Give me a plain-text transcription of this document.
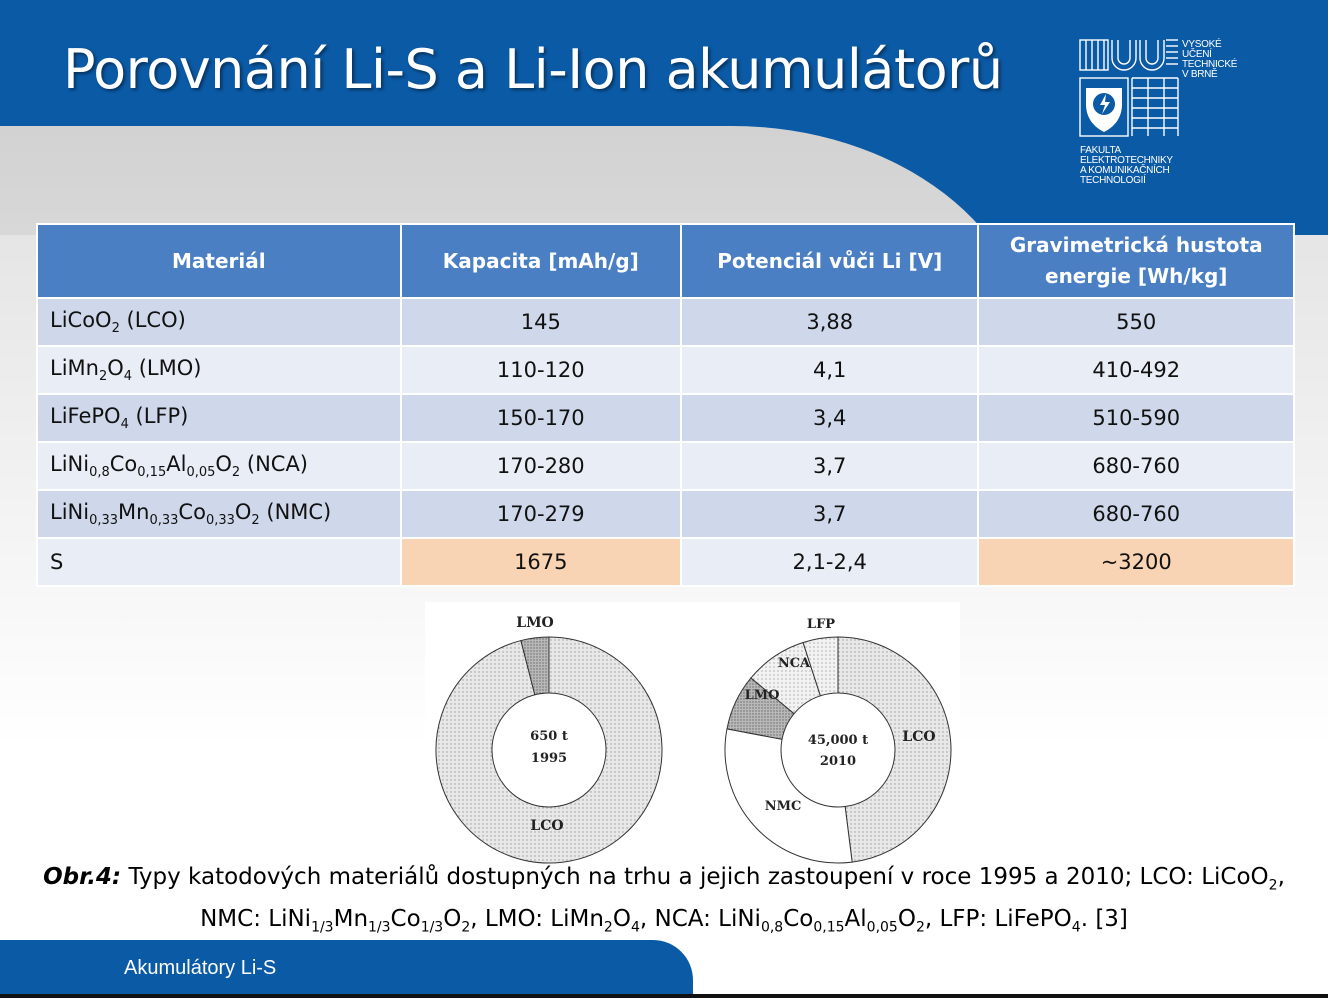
Porovnání Li-S a Li-Ion akumulátorů	VYSOKÉ
UČENÍ
TECHNICKÉ
V BRNĚ
FAKULTA
ELEKTROTECHNIKY
A KOMUNIKAČNÍCH
TECHNOLOGIÍ
Materiál	Kapacita [mAh/g]	Potenciál vůči Li [V]	Gravimetrická hustota energie [Wh/kg]
LiCoO$_2$ (LCO)	145	3,88	550
$LiMn_2O_4$ (LMO)	110-120	4,1	410-492
LiFePO$_4$ (LFP)	150-170	3,4	510-590
$LiNi_{0,8}Co_{0,15}Al_{0,05}O_2$ (NCA)	170-280	3,7	680-760
$LiNi_{0,33}Mn_{0,33}Co_{0,33}O_2$ (NMC)	170-279	3,7	680-760
S	1675	2,1-2,4	~3200
LMO
LCO
650 t
1995
LFP
NCA
LMO
LCO
NMC
45,000 t
2010
Obr.4: Typy katodových materiálů dostupných na trhu a jejich zastoupení v roce 1995 a 2010; LCO: LiCoO$_2$,
NMC: $LiNi_{1/3}Mn_{1/3}Co_{1/3}O_2$, LMO: $LiMn_2O_4$, NCA: $LiNi_{0,8}Co_{0,15}Al_{0,05}O_2$, LFP: LiFePO$_4$. [3]
Akumulátory Li-S
